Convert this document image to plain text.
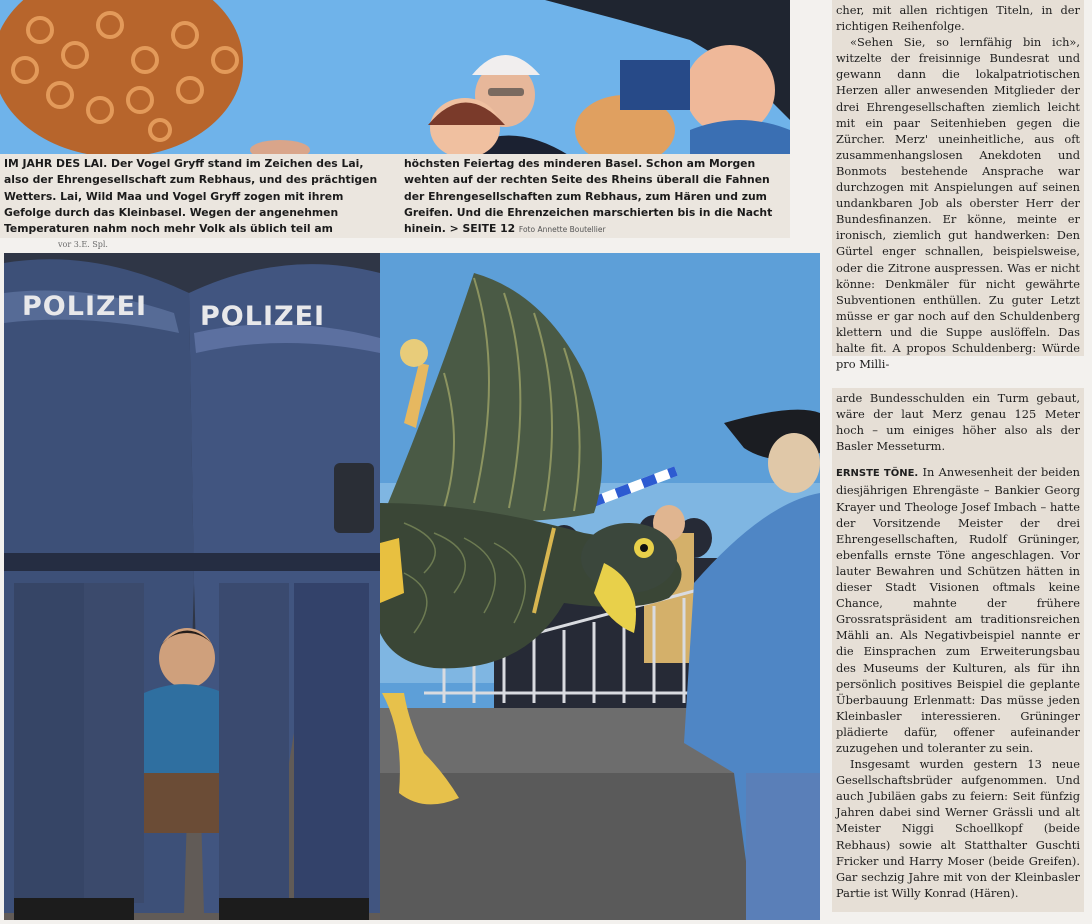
IM JAHR DES LAI. Der Vogel Gryff stand im Zeichen des Lai, also der Ehrengesellschaft zum Rebhaus, und des prächtigen Wetters. Lai, Wild Maa und Vogel Gryff zogen mit ihrem Gefolge durch das Kleinbasel. Wegen der angenehmen Temperaturen nahm noch mehr Volk als üblich teil am

höchsten Feiertag des minderen Basel. Schon am Morgen wehten auf der rechten Seite des Rheins überall die Fahnen der Ehrengesellschaften zum Rebhaus, zum Hären und zum Greifen. Und die Ehrenzeichen marschierten bis in die Nacht hinein. > SEITE 12 Foto Annette Boutellier

vor 3.E. Spl.
POLIZEI POLIZEI

cher, mit allen richtigen Titeln, in der richtigen Reihenfolge.

«Sehen Sie, so lernfähig bin ich», witzelte der freisinnige Bundesrat und gewann dann die lokalpatriotischen Herzen aller anwesenden Mitglieder der drei Ehrengesellschaften ziemlich leicht mit ein paar Seitenhieben gegen die Zürcher. Merz' uneinheitliche, aus oft zusammenhangslosen Anekdoten und Bonmots bestehende Ansprache war durchzogen mit Anspielungen auf seinen undankbaren Job als oberster Herr der Bundesfinanzen. Er könne, meinte er ironisch, ziemlich gut handwerken: Den Gürtel enger schnallen, beispielsweise, oder die Zitrone auspressen. Was er nicht könne: Denkmäler für nicht gewährte Subventionen enthüllen. Zu guter Letzt müsse er gar noch auf den Schuldenberg klettern und die Suppe auslöffeln. Das halte fit. A propos Schuldenberg: Würde pro Milli-

arde Bundesschulden ein Turm gebaut, wäre der laut Merz genau 125 Meter hoch – um einiges höher also als der Basler Messeturm.

ERNSTE TÖNE. In Anwesenheit der beiden diesjährigen Ehrengäste – Bankier Georg Krayer und Theologe Josef Imbach – hatte der Vorsitzende Meister der drei Ehrengesellschaften, Rudolf Grüninger, ebenfalls ernste Töne angeschlagen. Vor lauter Bewahren und Schützen hätten in dieser Stadt Visionen oftmals keine Chance, mahnte der frühere Grossratspräsident am traditionsreichen Mähli an. Als Negativbeispiel nannte er die Einsprachen zum Erweiterungsbau des Museums der Kulturen, als für ihn persönlich positives Beispiel die geplante Überbauung Erlenmatt: Das müsse jeden Kleinbasler interessieren. Grüninger plädierte dafür, offener aufeinander zuzugehen und toleranter zu sein.

Insgesamt wurden gestern 13 neue Gesellschaftsbrüder aufgenommen. Und auch Jubiläen gabs zu feiern: Seit fünfzig Jahren dabei sind Werner Grässli und alt Meister Niggi Schoellkopf (beide Rebhaus) sowie alt Statthalter Guschti Fricker und Harry Moser (beide Greifen). Gar sechzig Jahre mit von der Kleinbasler Partie ist Willy Konrad (Hären).
